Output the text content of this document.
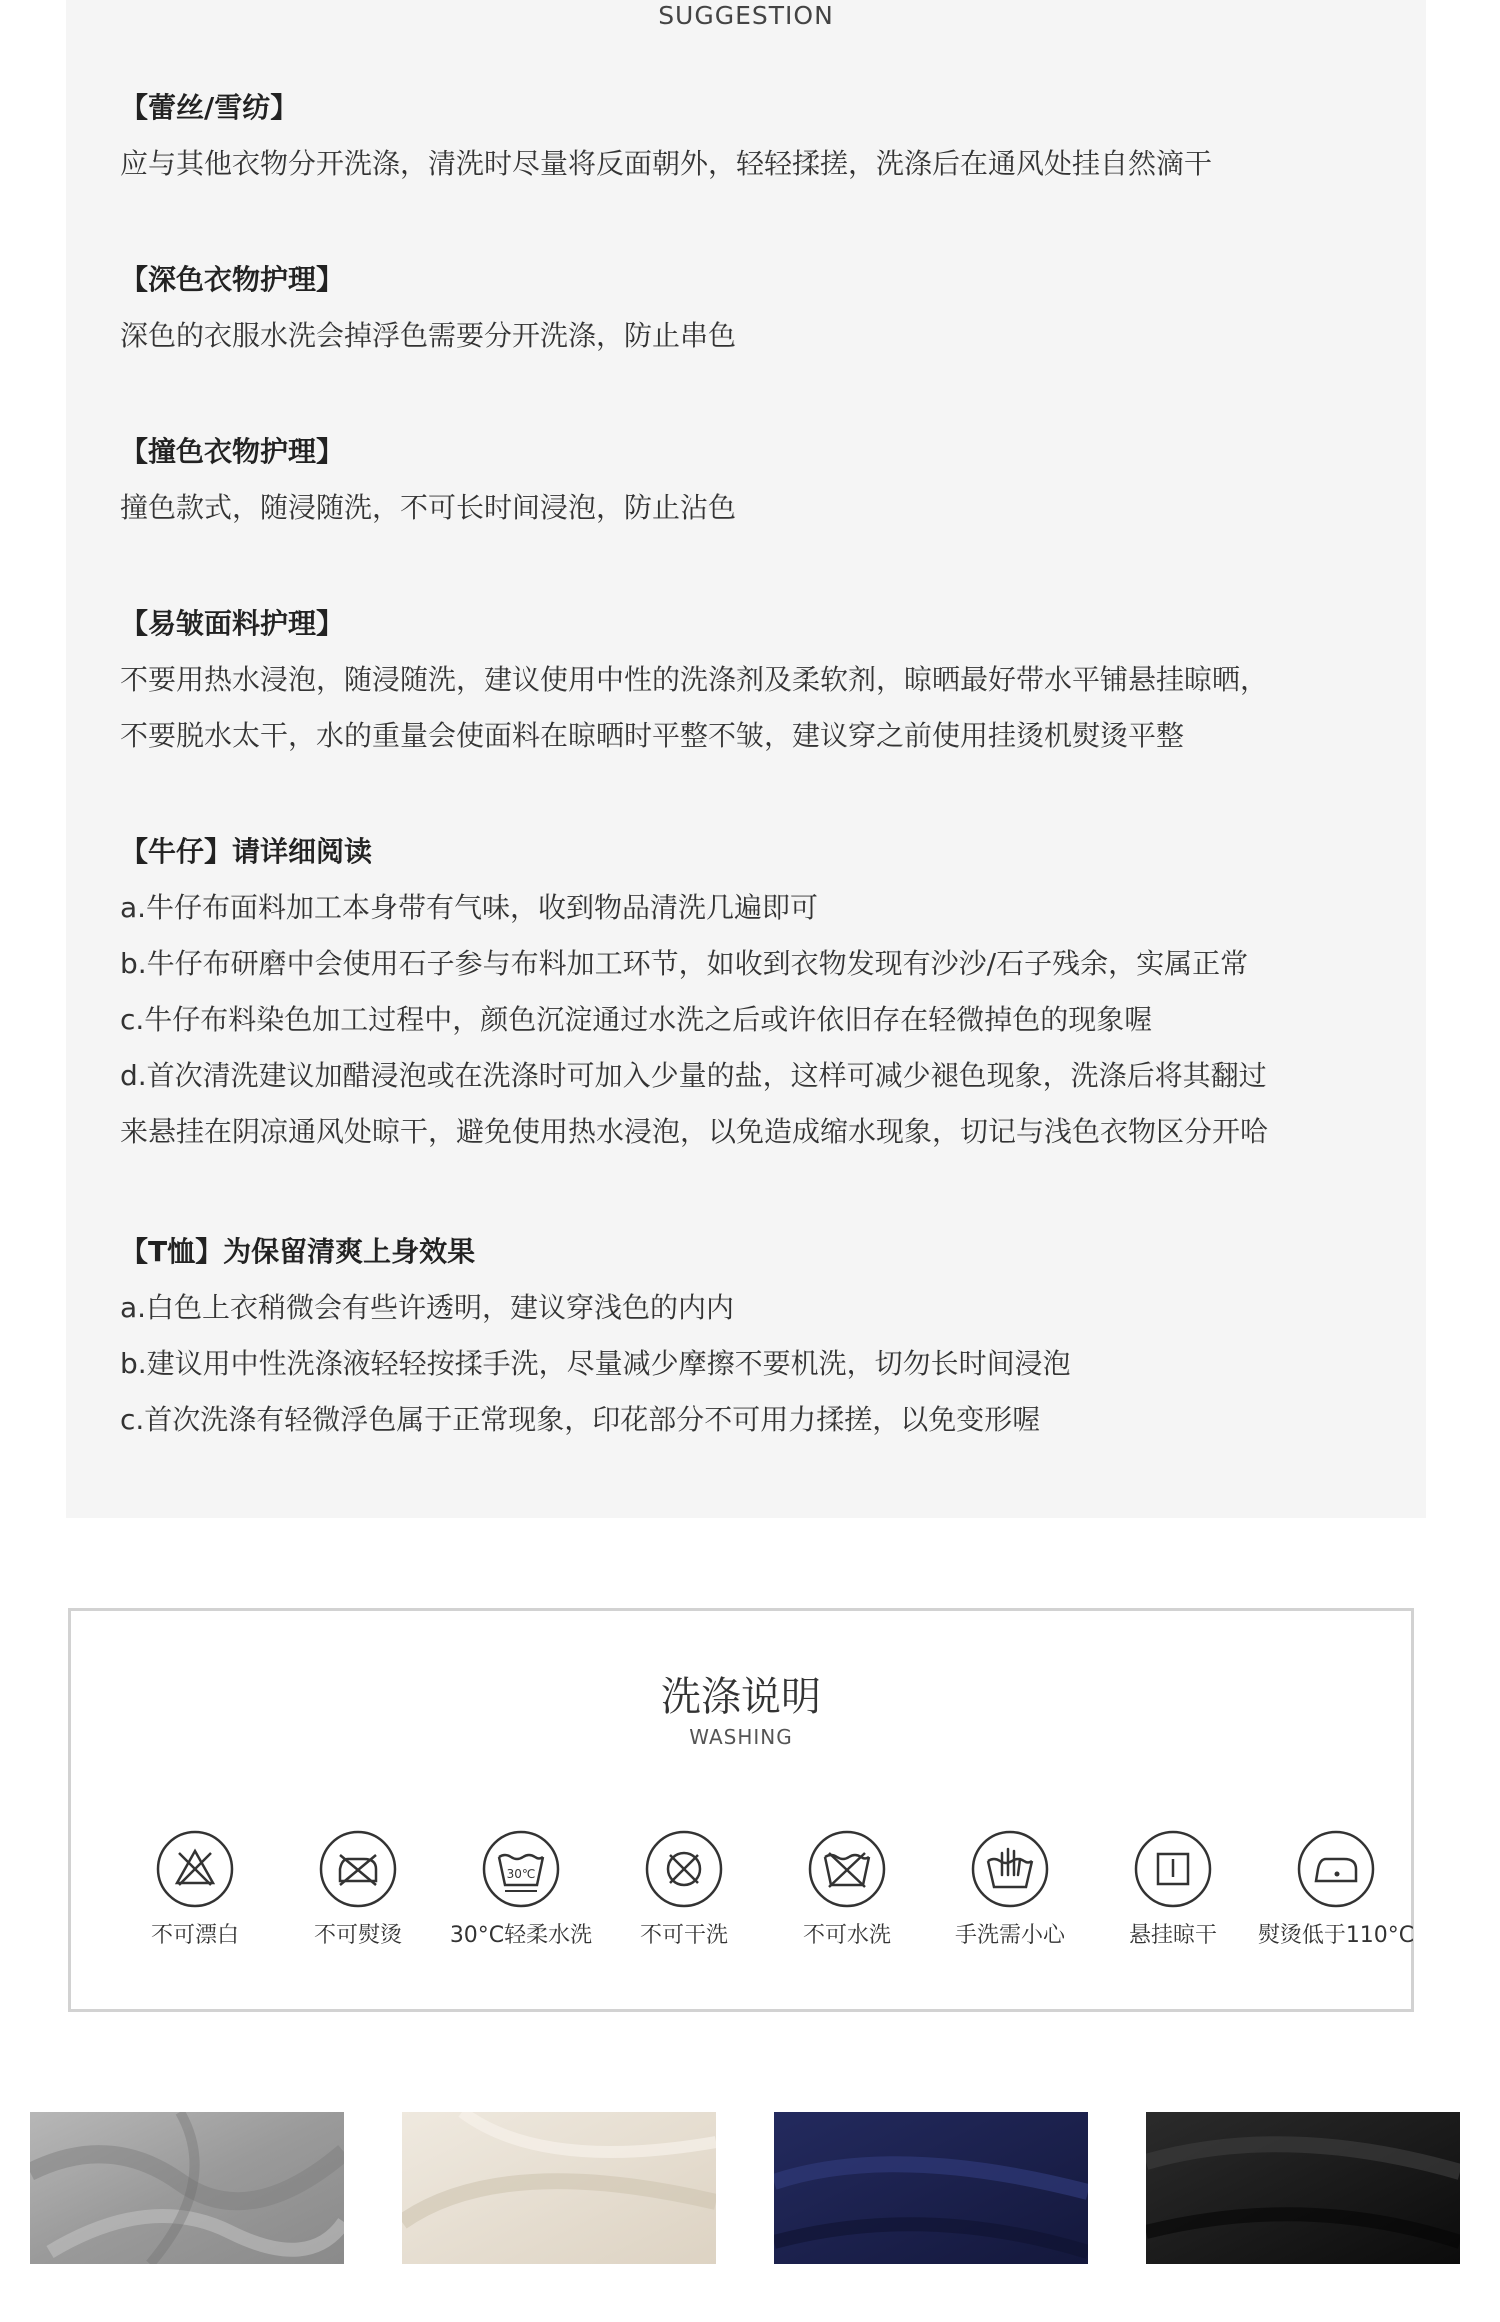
SUGGESTION
【蕾丝/雪纺】
应与其他衣物分开洗涤，清洗时尽量将反面朝外，轻轻揉搓，洗涤后在通风处挂自然滴干
【深色衣物护理】
深色的衣服水洗会掉浮色需要分开洗涤，防止串色
【撞色衣物护理】
撞色款式，随浸随洗，不可长时间浸泡，防止沾色
【易皱面料护理】
不要用热水浸泡，随浸随洗，建议使用中性的洗涤剂及柔软剂，晾晒最好带水平铺悬挂晾晒，
不要脱水太干，水的重量会使面料在晾晒时平整不皱，建议穿之前使用挂烫机熨烫平整
【牛仔】请详细阅读
a.牛仔布面料加工本身带有气味，收到物品清洗几遍即可
b.牛仔布研磨中会使用石子参与布料加工环节，如收到衣物发现有沙沙/石子残余，实属正常
c.牛仔布料染色加工过程中，颜色沉淀通过水洗之后或许依旧存在轻微掉色的现象喔
d.首次清洗建议加醋浸泡或在洗涤时可加入少量的盐，这样可减少褪色现象，洗涤后将其翻过
来悬挂在阴凉通风处晾干，避免使用热水浸泡，以免造成缩水现象，切记与浅色衣物区分开哈
【T恤】为保留清爽上身效果
a.白色上衣稍微会有些许透明，建议穿浅色的内内
b.建议用中性洗涤液轻轻按揉手洗，尽量减少摩擦不要机洗，切勿长时间浸泡
c.首次洗涤有轻微浮色属于正常现象，印花部分不可用力揉搓，以免变形喔
洗涤说明
WASHING
不可漂白	不可熨烫
30℃
30°C轻柔水洗	不可干洗	不可水洗	手洗需小心	悬挂晾干	熨烫低于110°C
